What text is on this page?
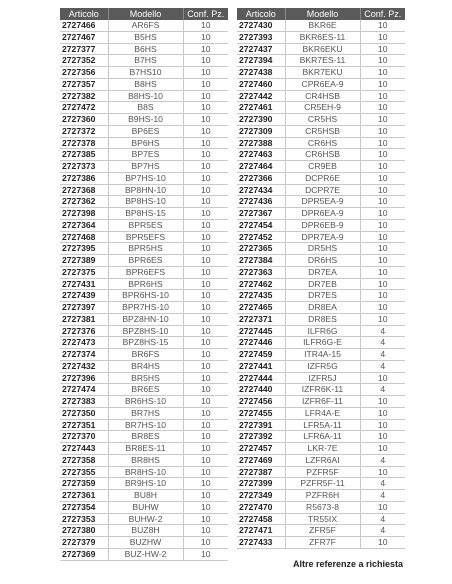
Articolo	Modello	Conf. Pz.
2727466	AR6FS	10
2727467	B5HS	10
2727377	B6HS	10
2727352	B7HS	10
2727356	B7HS10	10
2727357	B8HS	10
2727382	B8HS-10	10
2727472	B8S	10
2727360	B9HS-10	10
2727372	BP6ES	10
2727378	BP6HS	10
2727385	BP7ES	10
2727373	BP7HS	10
2727386	BP7HS-10	10
2727368	BP8HN-10	10
2727362	BP8HS-10	10
2727398	BP8HS-15	10
2727364	BPR5ES	10
2727468	BPR5EFS	10
2727395	BPR5HS	10
2727389	BPR6ES	10
2727375	BPR6EFS	10
2727431	BPR6HS	10
2727439	BPR6HS-10	10
2727397	BPR7HS-10	10
2727381	BPZ8HN-10	10
2727376	BPZ8HS-10	10
2727473	BPZ8HS-15	10
2727374	BR6FS	10
2727432	BR4HS	10
2727396	BR5HS	10
2727474	BR6ES	10
2727383	BR6HS-10	10
2727350	BR7HS	10
2727351	BR7HS-10	10
2727370	BR8ES	10
2727443	BR8ES-11	10
2727358	BR8HS	10
2727355	BR8HS-10	10
2727359	BR9HS-10	10
2727361	BU8H	10
2727354	BUHW	10
2727353	BUHW-2	10
2727380	BUZ8H	10
2727379	BUZHW	10
2727369	BUZ-HW-2	10
Articolo	Modello	Conf. Pz.
2727430	BKR6E	10
2727393	BKR6ES-11	10
2727437	BKR6EKU	10
2727394	BKR7ES-11	10
2727438	BKR7EKU	10
2727460	CPR6EA-9	10
2727442	CR4HSB	10
2727461	CR5EH-9	10
2727390	CR5HS	10
2727309	CR5HSB	10
2727388	CR6HS	10
2727463	CR6HSB	10
2727464	CR9EB	10
2727366	DCPR6E	10
2727434	DCPR7E	10
2727436	DPR5EA-9	10
2727367	DPR6EA-9	10
2727454	DPR6EB-9	10
2727452	DPR7EA-9	10
2727365	DR5HS	10
2727384	DR6HS	10
2727363	DR7EA	10
2727462	DR7EB	10
2727435	DR7ES	10
2727465	DR8EA	10
2727371	DR8ES	10
2727445	ILFR6G	4
2727446	ILFR6G-E	4
2727459	ITR4A-15	4
2727441	IZFR5G	4
2727444	IZFR5J	10
2727440	IZFR6K-11	4
2727456	IZFR6F-11	10
2727455	LFR4A-E	10
2727391	LFR5A-11	10
2727392	LFR6A-11	10
2727457	LKR-7E	10
2727469	LZFR6AI	4
2727387	PZFR5F	10
2727399	PZFR5F-11	4
2727349	PZFR6H	4
2727470	R5673-8	10
2727458	TR55IX	4
2727471	ZFR5F	4
2727433	ZFR7F	10
Altre referenze a richiesta
